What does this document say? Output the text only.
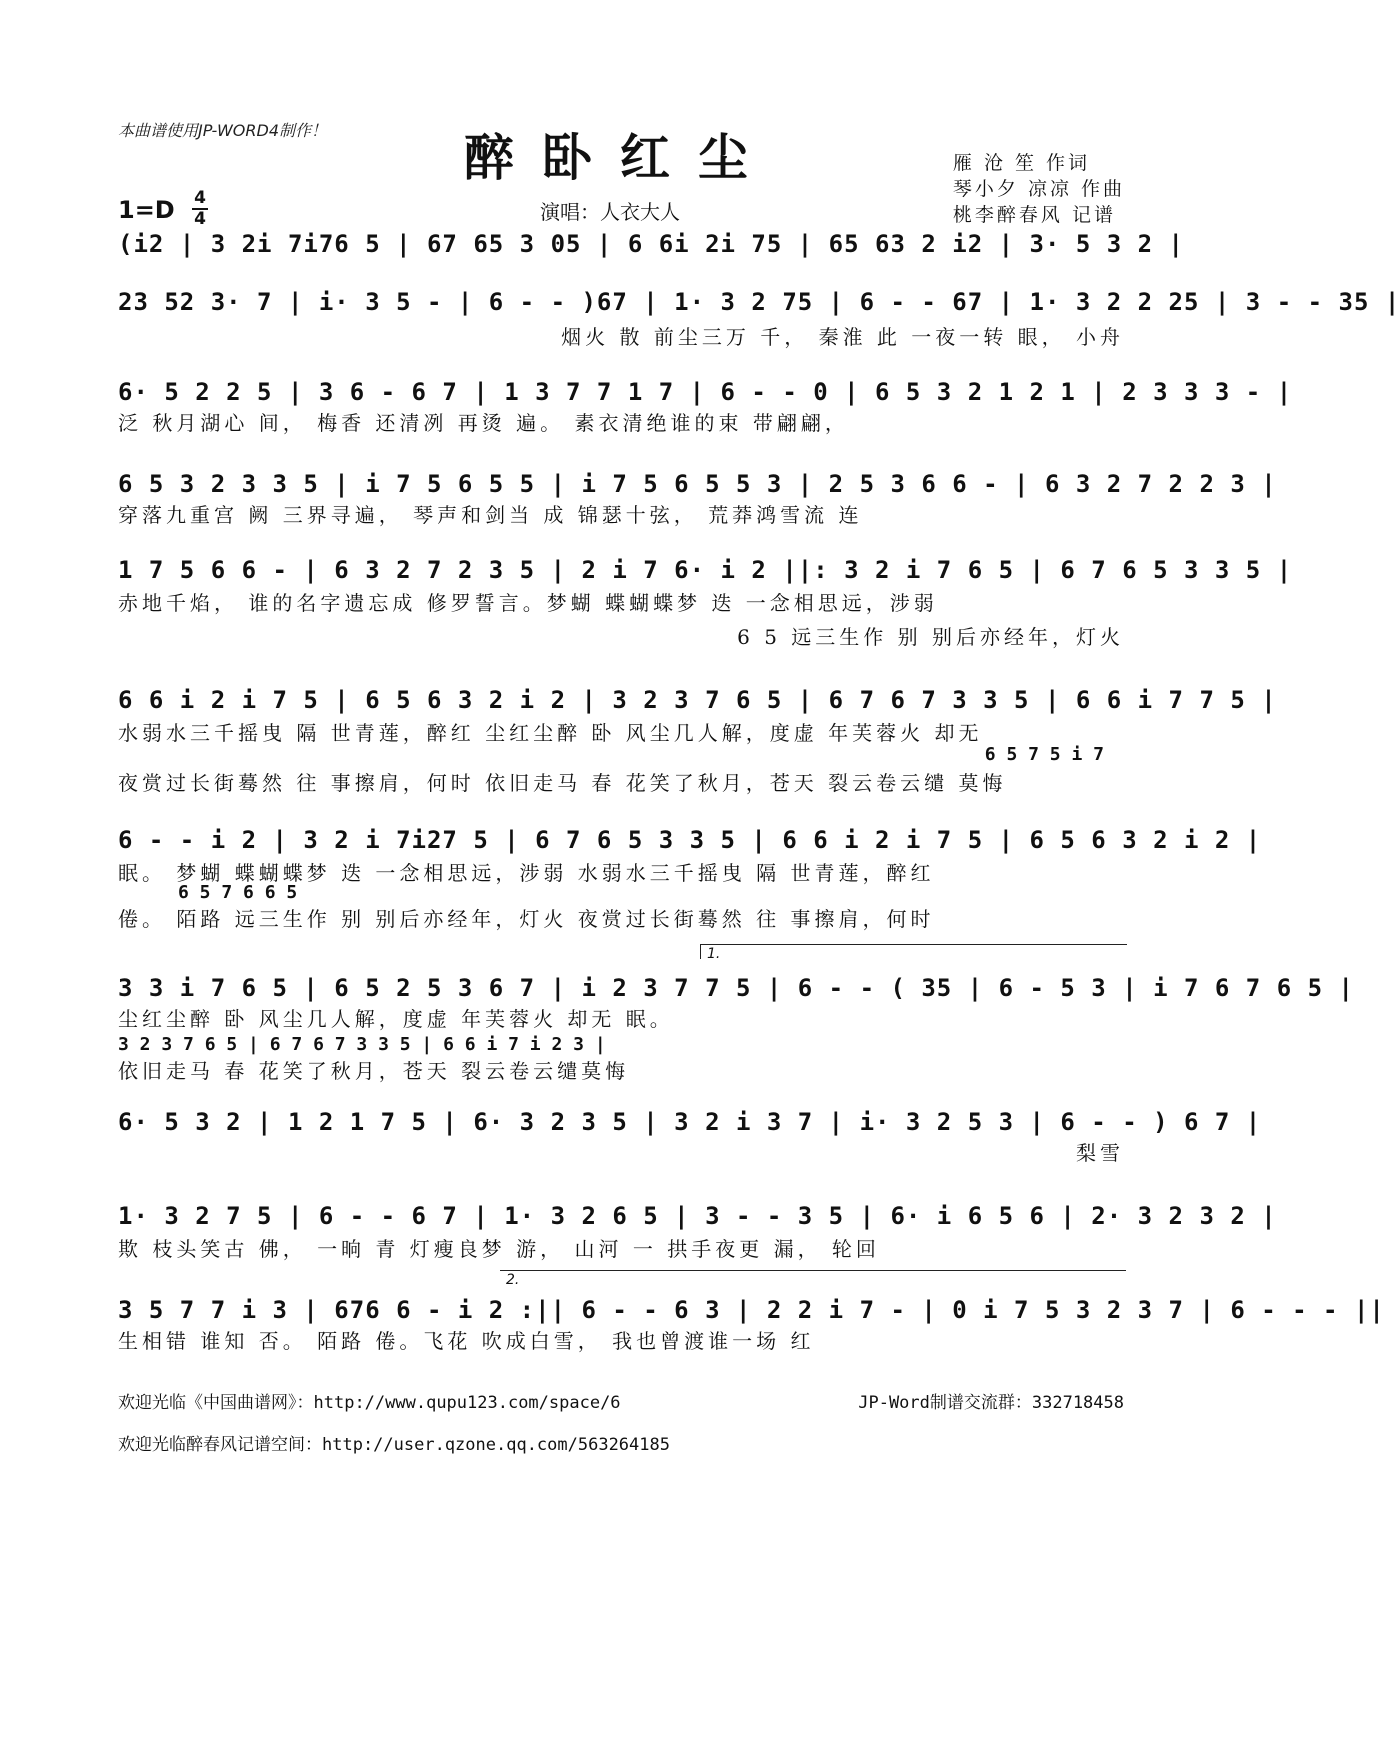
本曲谱使用JP-WORD4制作！	醉卧红尘
1=D 4
4	演唱：人衣大人
雁 沧 笙 作词
琴小夕 凉凉 作曲
桃李醉春风 记谱
(i2 | 3 2i 7i76 5 | 67 65 3 05 | 6 6i 2i 75 | 65 63 2 i2 | 3· 5 3 2 |
23 52 3· 7 | i· 3 5 - | 6 - - )67 | 1· 3 2 75 | 6 - - 67 | 1· 3 2 2 25 | 3 - - 35 |
烟火 散 前尘三万 千， 秦淮 此 一夜一转 眼， 小舟
6· 5 2 2 5 | 3 6 - 6 7 | 1 3 7 7 1 7 | 6 - - 0 | 6 5 3 2 1 2 1 | 2 3 3 3 - |
泛 秋月湖心 间， 梅香 还清冽 再烫 遍。 素衣清绝谁的束 带翩翩，
6 5 3 2 3 3 5 | i 7 5 6 5 5 | i 7 5 6 5 5 3 | 2 5 3 6 6 - | 6 3 2 7 2 2 3 |
穿落九重宫 阙 三界寻遍， 琴声和剑当 成 锦瑟十弦， 荒莽鸿雪流 连
1 7 5 6 6 - | 6 3 2 7 2 3 5 | 2 i 7 6· i 2 ||: 3 2 i 7 6 5 | 6 7 6 5 3 3 5 |
赤地千焰， 谁的名字遗忘成 修罗誓言。梦蝴 蝶蝴蝶梦 迭 一念相思远，涉弱
6 5 远三生作 别 别后亦经年，灯火
6 6 i 2 i 7 5 | 6 5 6 3 2 i 2 | 3 2 3 7 6 5 | 6 7 6 7 3 3 5 | 6 6 i 7 7 5 |
水弱水三千摇曳 隔 世青莲，醉红 尘红尘醉 卧 风尘几人解，度虚 年芙蓉火 却无
6 5 7 5 i 7
夜赏过长街蓦然 往 事擦肩，何时 依旧走马 春 花笑了秋月，苍天 裂云卷云缱 莫悔
6 - - i 2 | 3 2 i 7i27 5 | 6 7 6 5 3 3 5 | 6 6 i 2 i 7 5 | 6 5 6 3 2 i 2 |
眠。 梦蝴 蝶蝴蝶梦 迭 一念相思远，涉弱 水弱水三千摇曳 隔 世青莲，醉红
6 5 7 6 6 5
倦。 陌路 远三生作 别 别后亦经年，灯火 夜赏过长街蓦然 往 事擦肩，何时
1.
3 3 i 7 6 5 | 6 5 2 5 3 6 7 | i 2 3 7 7 5 | 6 - - ( 35 | 6 - 5 3 | i 7 6 7 6 5 |
尘红尘醉 卧 风尘几人解，度虚 年芙蓉火 却无 眠。
3 2 3 7 6 5 | 6 7 6 7 3 3 5 | 6 6 i 7 i 2 3 |
依旧走马 春 花笑了秋月，苍天 裂云卷云缱莫悔
6· 5 3 2 | 1 2 1 7 5 | 6· 3 2 3 5 | 3 2 i 3 7 | i· 3 2 5 3 | 6 - - ) 6 7 |
梨雪
1· 3 2 7 5 | 6 - - 6 7 | 1· 3 2 6 5 | 3 - - 3 5 | 6· i 6 5 6 | 2· 3 2 3 2 |
欺 枝头笑古 佛， 一晌 青 灯瘦良梦 游， 山河 一 拱手夜更 漏， 轮回
2.
3 5 7 7 i 3 | 676 6 - i 2 :|| 6 - - 6 3 | 2 2 i 7 - | 0 i 7 5 3 2 3 7 | 6 - - - ||
生相错 谁知 否。 陌路 倦。飞花 吹成白雪， 我也曾渡谁一场 红
欢迎光临《中国曲谱网》：http://www.qupu123.com/space/6	JP-Word制谱交流群：332718458
欢迎光临醉春风记谱空间：http://user.qzone.qq.com/563264185
